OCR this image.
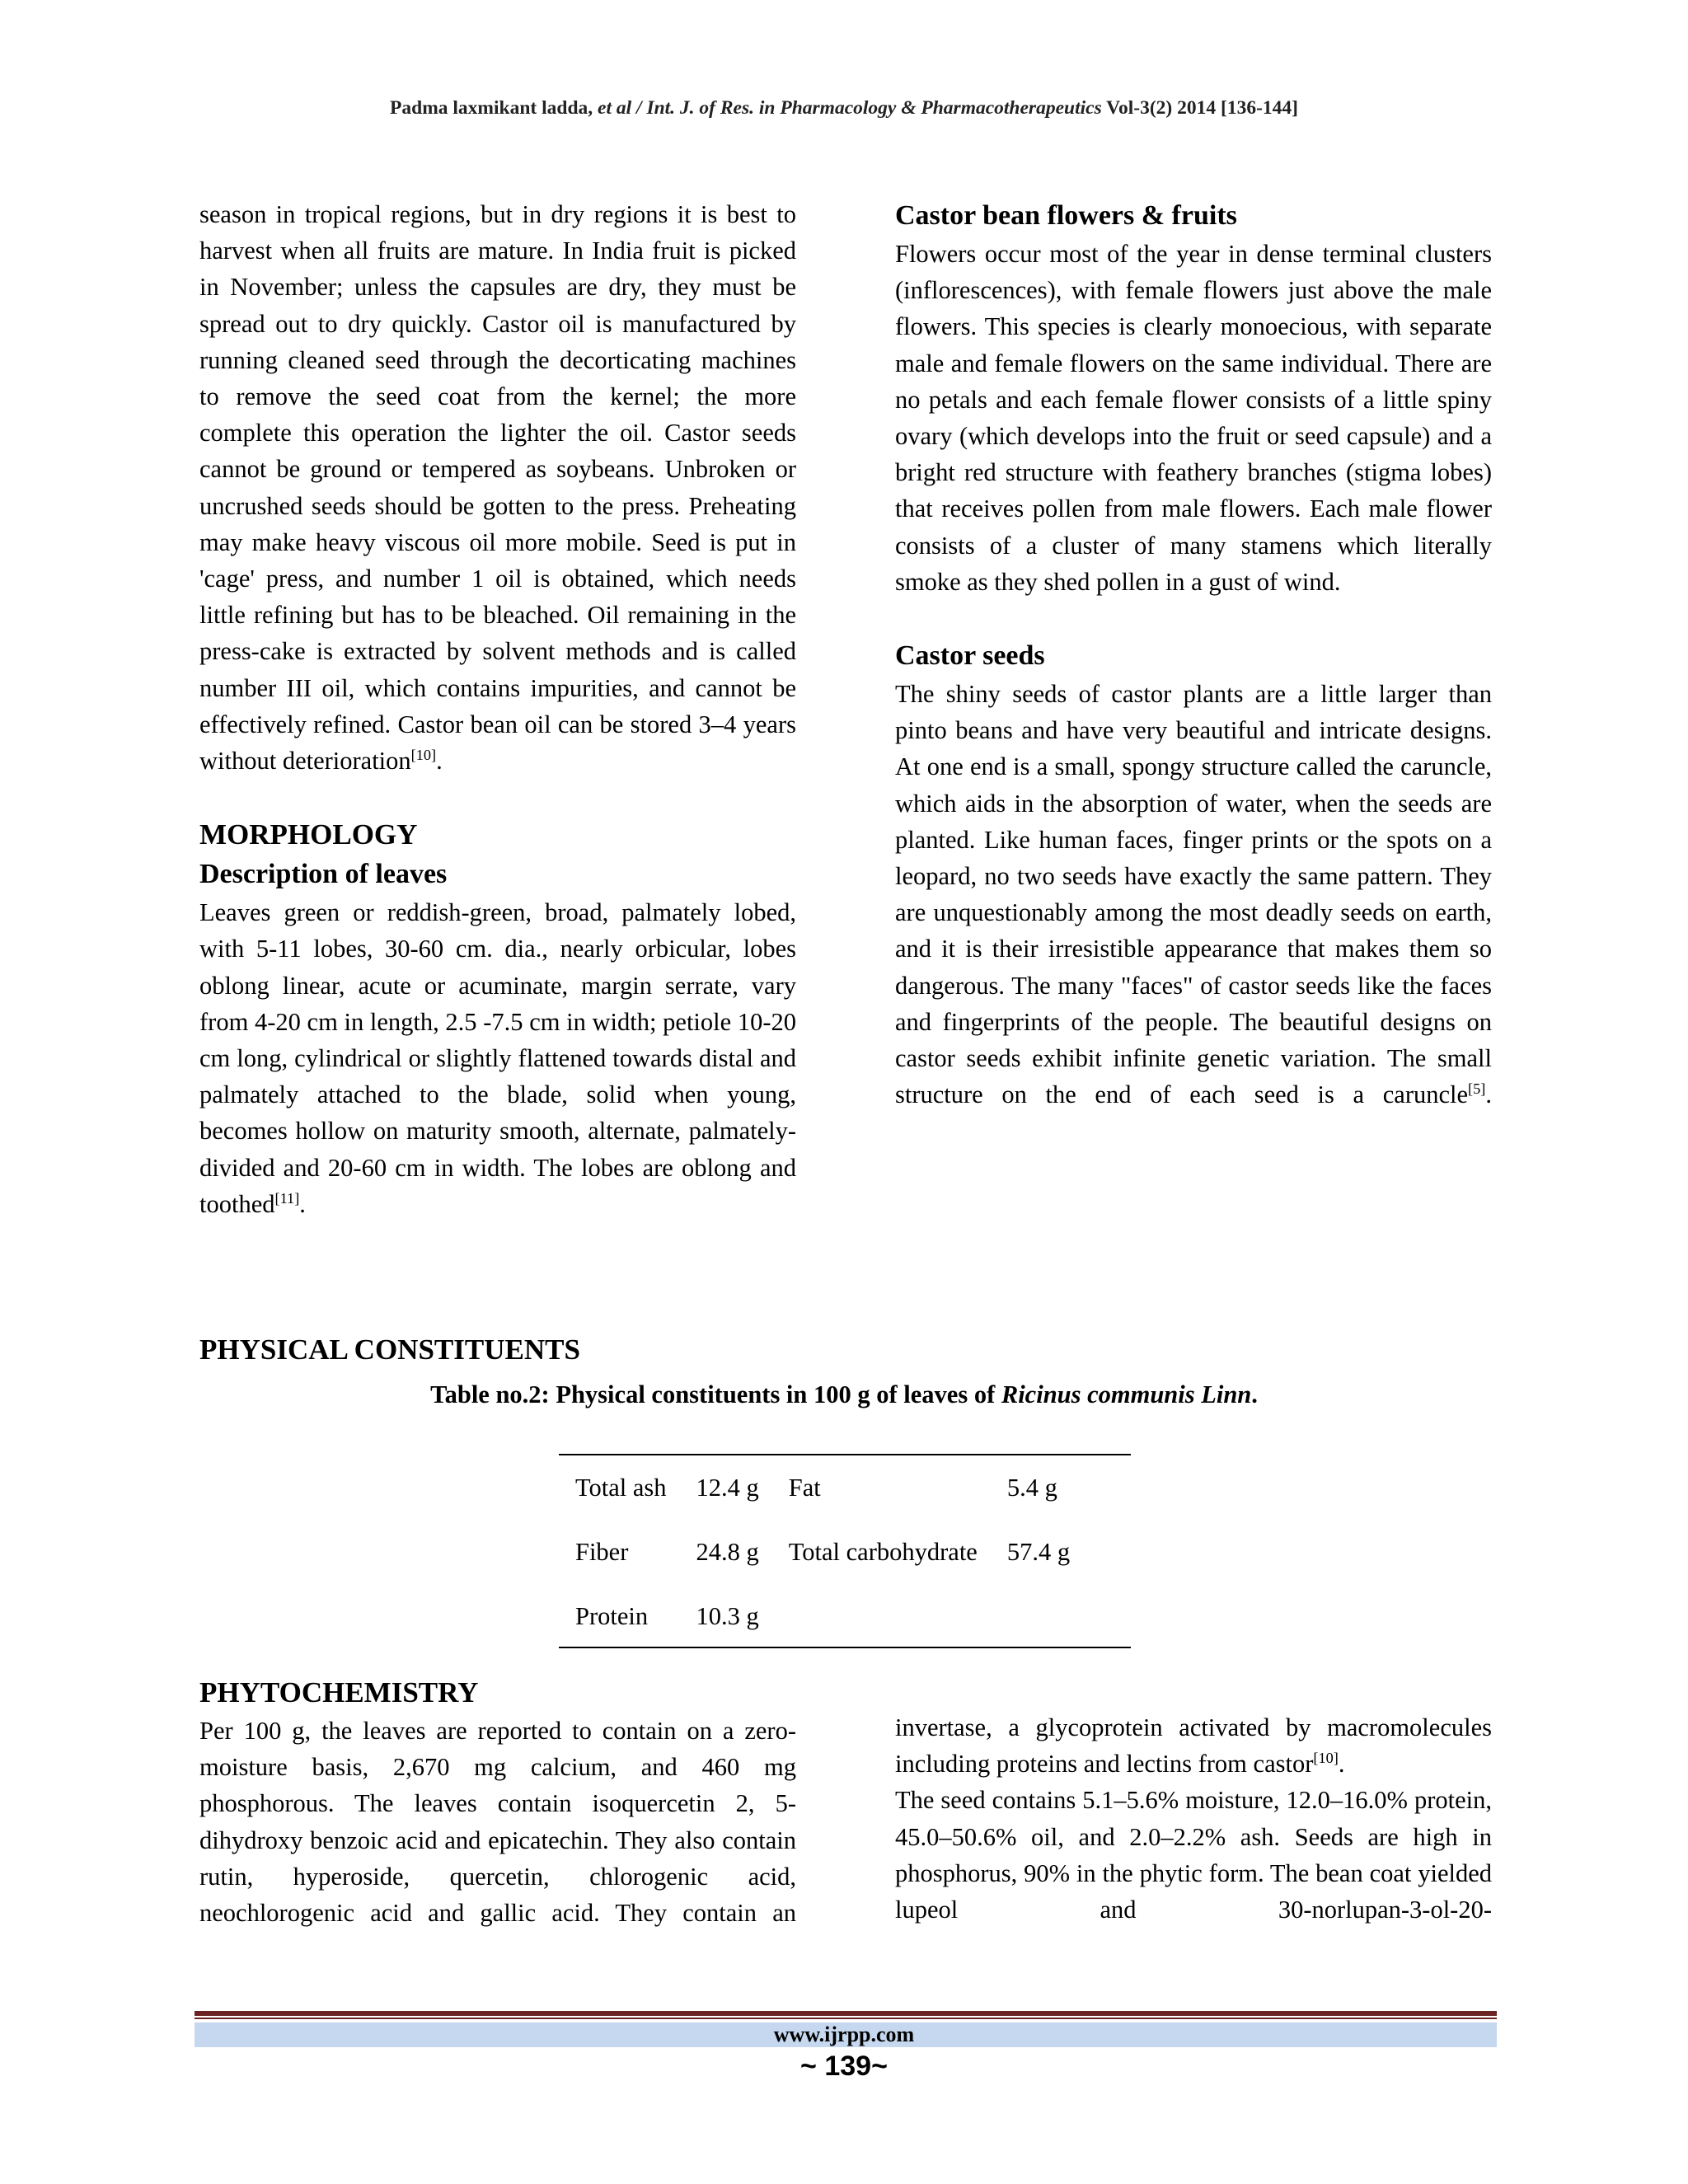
Padma laxmikant ladda, et al / Int. J. of Res. in Pharmacology & Pharmacotherapeutics Vol-3(2) 2014 [136-144]

season in tropical regions, but in dry regions it is best to harvest when all fruits are mature. In India fruit is picked in November; unless the capsules are dry, they must be spread out to dry quickly. Castor oil is manufactured by running cleaned seed through the decorticating machines to remove the seed coat from the kernel; the more complete this operation the lighter the oil. Castor seeds cannot be ground or tempered as soybeans. Unbroken or uncrushed seeds should be gotten to the press. Preheating may make heavy viscous oil more mobile. Seed is put in 'cage' press, and number 1 oil is obtained, which needs little refining but has to be bleached. Oil remaining in the press-cake is extracted by solvent methods and is called number III oil, which contains impurities, and cannot be effectively refined. Castor bean oil can be stored 3–4 years without deterioration[10].

MORPHOLOGY
Description of leaves

Leaves green or reddish-green, broad, palmately lobed, with 5-11 lobes, 30-60 cm. dia., nearly orbicular, lobes oblong linear, acute or acuminate, margin serrate, vary from 4-20 cm in length, 2.5 -7.5 cm in width; petiole 10-20 cm long, cylindrical or slightly flattened towards distal and palmately attached to the blade, solid when young, becomes hollow on maturity smooth, alternate, palmately-divided and 20-60 cm in width. The lobes are oblong and toothed[11].

Castor bean flowers & fruits

Flowers occur most of the year in dense terminal clusters (inflorescences), with female flowers just above the male flowers. This species is clearly monoecious, with separate male and female flowers on the same individual. There are no petals and each female flower consists of a little spiny ovary (which develops into the fruit or seed capsule) and a bright red structure with feathery branches (stigma lobes) that receives pollen from male flowers. Each male flower consists of a cluster of many stamens which literally smoke as they shed pollen in a gust of wind.

Castor seeds

The shiny seeds of castor plants are a little larger than pinto beans and have very beautiful and intricate designs. At one end is a small, spongy structure called the caruncle, which aids in the absorption of water, when the seeds are planted. Like human faces, finger prints or the spots on a leopard, no two seeds have exactly the same pattern. They are unquestionably among the most deadly seeds on earth, and it is their irresistible appearance that makes them so dangerous. The many "faces" of castor seeds like the faces and fingerprints of the people. The beautiful designs on castor seeds exhibit infinite genetic variation. The small structure on the end of each seed is a caruncle[5].

PHYSICAL CONSTITUENTS
Table no.2: Physical constituents in 100 g of leaves of Ricinus communis Linn.
Total ash	12.4 g	Fat	5.4 g
Fiber	24.8 g	Total carbohydrate	57.4 g
Protein	10.3 g		
PHYTOCHEMISTRY

Per 100 g, the leaves are reported to contain on a zero-moisture basis, 2,670 mg calcium, and 460 mg phosphorous. The leaves contain isoquercetin 2, 5-dihydroxy benzoic acid and epicatechin. They also contain rutin, hyperoside, quercetin, chlorogenic acid, neochlorogenic acid and gallic acid. They contain an

invertase, a glycoprotein activated by macromolecules including proteins and lectins from castor[10].

The seed contains 5.1–5.6% moisture, 12.0–16.0% protein, 45.0–50.6% oil, and 2.0–2.2% ash. Seeds are high in phosphorus, 90% in the phytic form. The bean coat yielded lupeol and 30-norlupan-3-ol-20-

www.ijrpp.com
~ 139~
